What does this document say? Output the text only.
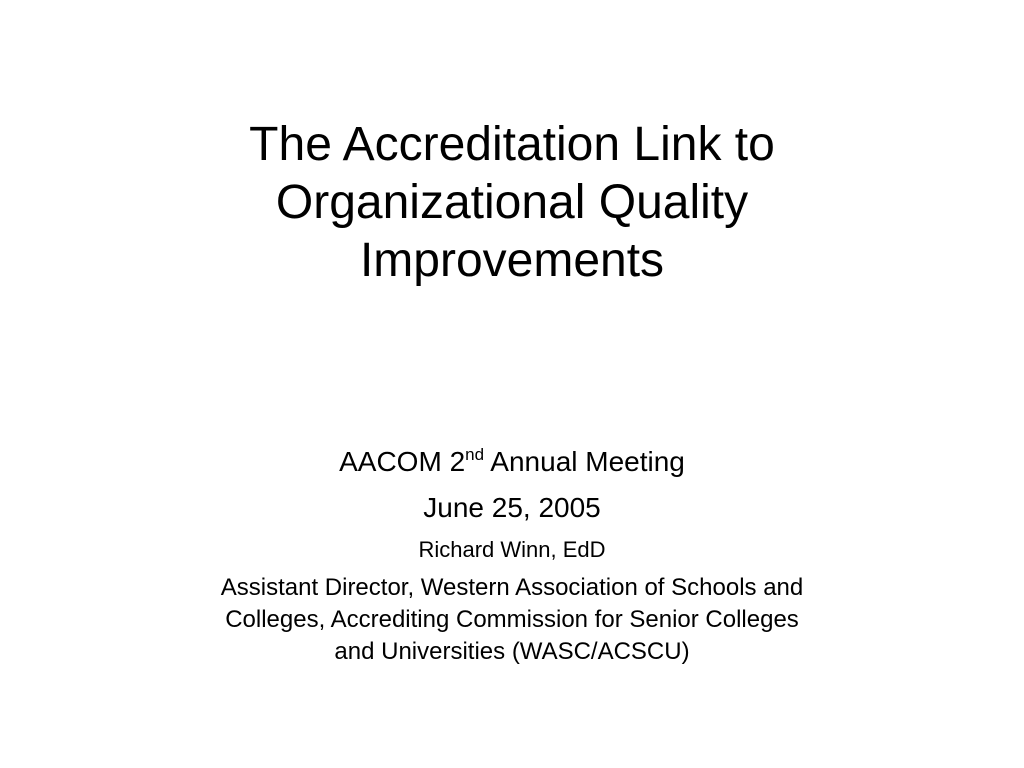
The Accreditation Link to
Organizational Quality
Improvements
AACOM 2nd Annual Meeting
June 25, 2005
Richard Winn, EdD
Assistant Director, Western Association of Schools and
Colleges, Accrediting Commission for Senior Colleges
and Universities (WASC/ACSCU)
